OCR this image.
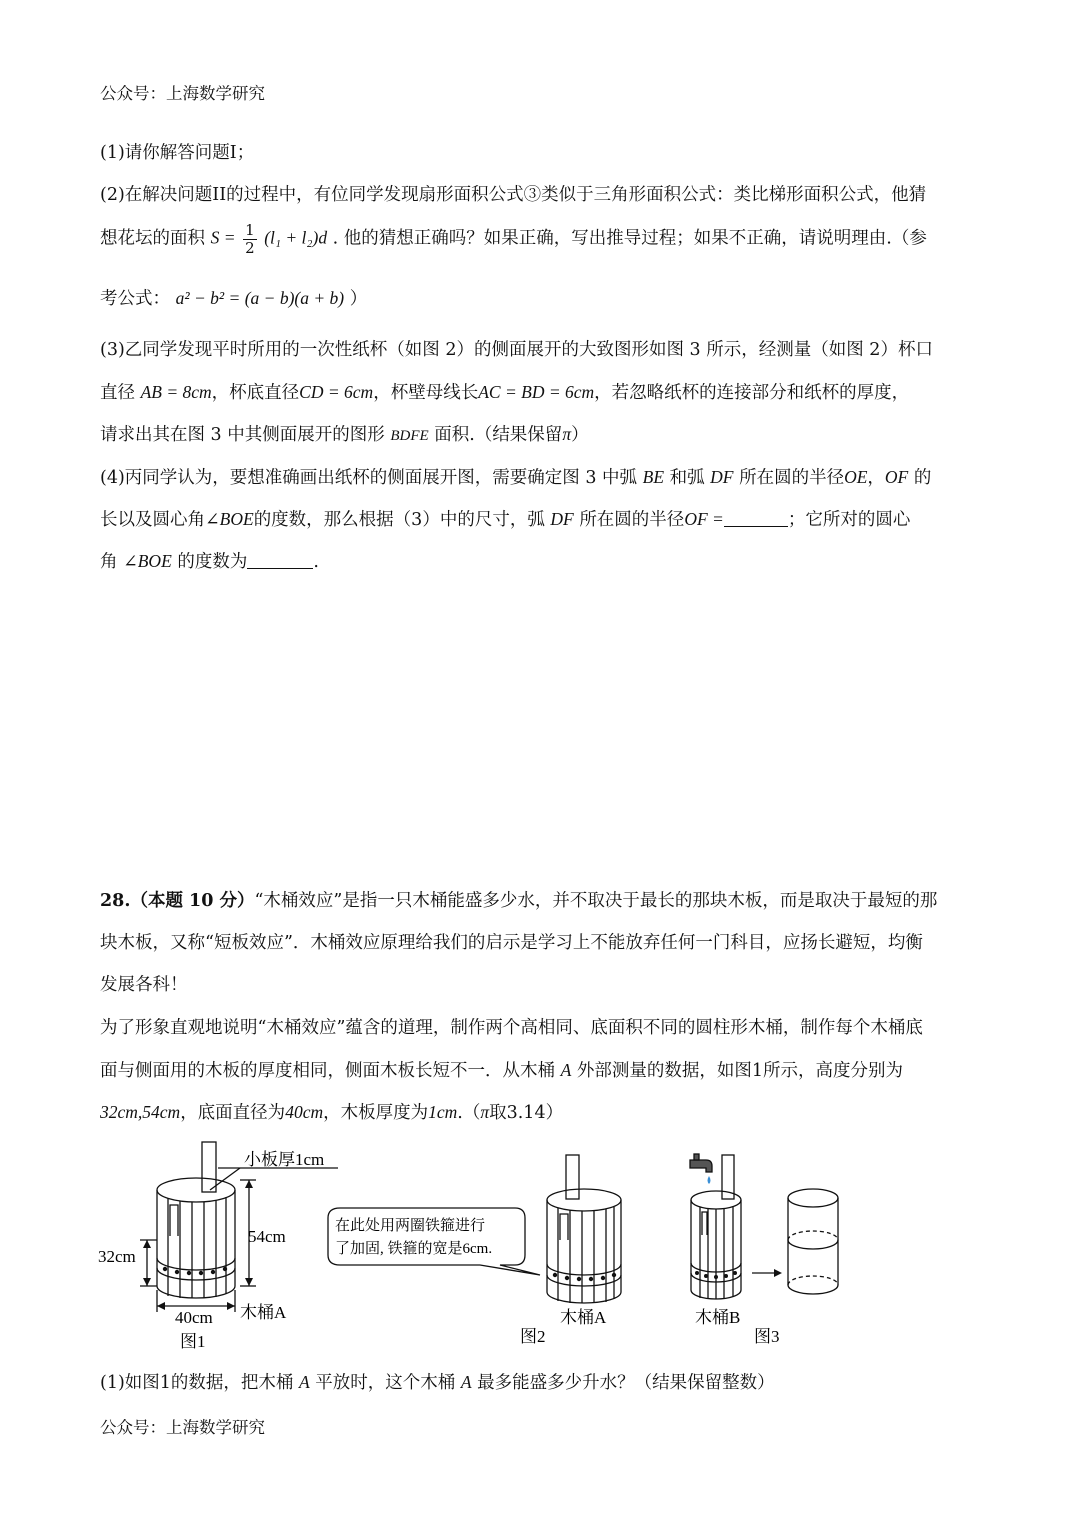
公众号：上海数学研究
(1)请你解答问题I；
(2)在解决问题II的过程中，有位同学发现扇形面积公式③类似于三角形面积公式：类比梯形面积公式，他猜
想花坛的面积 $S = \frac{1}{2} (l_1 + l_2)d$ . 他的猜想正确吗？如果正确，写出推导过程；如果不正确，请说明理由.（参
考公式： a² − b² = (a − b)(a + b) ）
(3)乙同学发现平时所用的一次性纸杯（如图 2）的侧面展开的大致图形如图 3 所示，经测量（如图 2）杯口
直径 AB = 8cm，杯底直径CD = 6cm，杯壁母线长AC = BD = 6cm，若忽略纸杯的连接部分和纸杯的厚度，
请求出其在图 3 中其侧面展开的图形 BDFE 面积.（结果保留π）
(4)丙同学认为，要想准确画出纸杯的侧面展开图，需要确定图 3 中弧 BE 和弧 DF 所在圆的半径OE，OF 的
长以及圆心角∠BOE的度数，那么根据（3）中的尺寸，弧 DF 所在圆的半径OF =	；它所对的圆心
角 ∠BOE 的度数为	.
28.（本题 10 分）“木桶效应”是指一只木桶能盛多少水，并不取决于最长的那块木板，而是取决于最短的那
块木板，又称“短板效应”．木桶效应原理给我们的启示是学习上不能放弃任何一门科目，应扬长避短，均衡
发展各科！
为了形象直观地说明“木桶效应”蕴含的道理，制作两个高相同、底面积不同的圆柱形木桶，制作每个木桶底
面与侧面用的木板的厚度相同，侧面木板长短不一．从木桶 A 外部测量的数据，如图1所示，高度分别为
32cm,54cm，底面直径为40cm，木板厚度为1cm.（π取3.14）
小板厚1cm
54cm
32cm
40cm 木桶A
图1
在此处用两圈铁箍进行
了加固, 铁箍的宽是6cm.
木桶A
图2
木桶B
图3
(1)如图1的数据，把木桶 A 平放时，这个木桶 A 最多能盛多少升水？（结果保留整数）
公众号：上海数学研究
